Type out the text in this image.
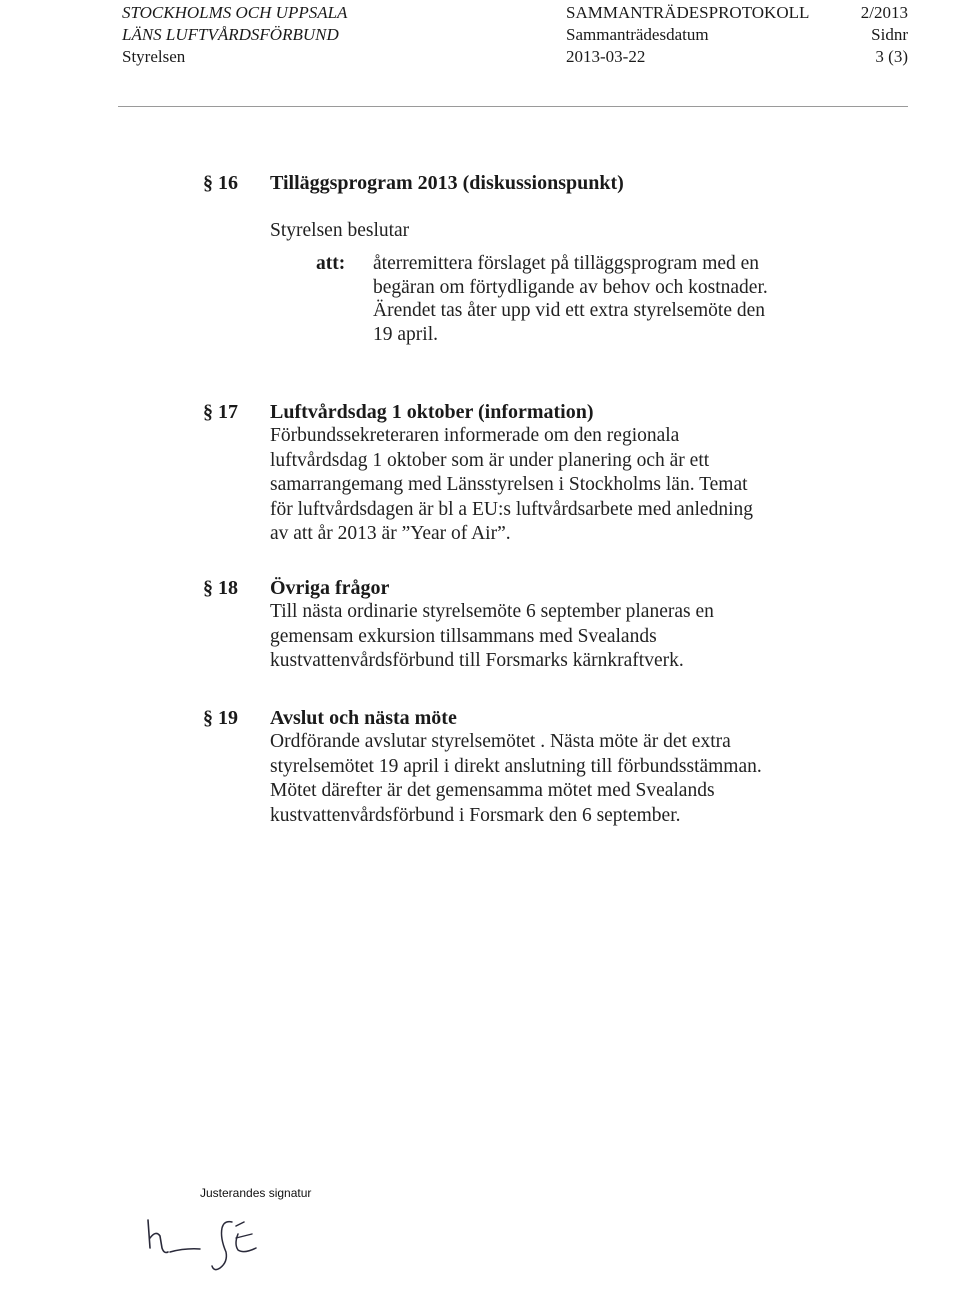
STOCKHOLMS OCH UPPSALA
LÄNS LUFTVÅRDSFÖRBUND
Styrelsen
SAMMANTRÄDESPROTOKOLL
Sammanträdesdatum
2013-03-22
2/2013
Sidnr
3 (3)
§ 16 Tilläggsprogram 2013 (diskussionspunkt)
Styrelsen beslutar
att: återremittera förslaget på tilläggsprogram med en
begäran om förtydligande av behov och kostnader.
Ärendet tas åter upp vid ett extra styrelsemöte den
19 april.
§ 17 Luftvårdsdag 1 oktober (information)
Förbundssekreteraren informerade om den regionala
luftvårdsdag 1 oktober som är under planering och är ett
samarrangemang med Länsstyrelsen i Stockholms län. Temat
för luftvårdsdagen är bl a EU:s luftvårdsarbete med anledning
av att år 2013 är ”Year of Air”.
§ 18 Övriga frågor
Till nästa ordinarie styrelsemöte 6 september planeras en
gemensam exkursion tillsammans med Svealands
kustvattenvårdsförbund till Forsmarks kärnkraftverk.
§ 19 Avslut och nästa möte
Ordförande avslutar styrelsemötet . Nästa möte är det extra
styrelsemötet 19 april i direkt anslutning till förbundsstämman.
Mötet därefter är det gemensamma mötet med Svealands
kustvattenvårdsförbund i Forsmark den 6 september.
Justerandes signatur
